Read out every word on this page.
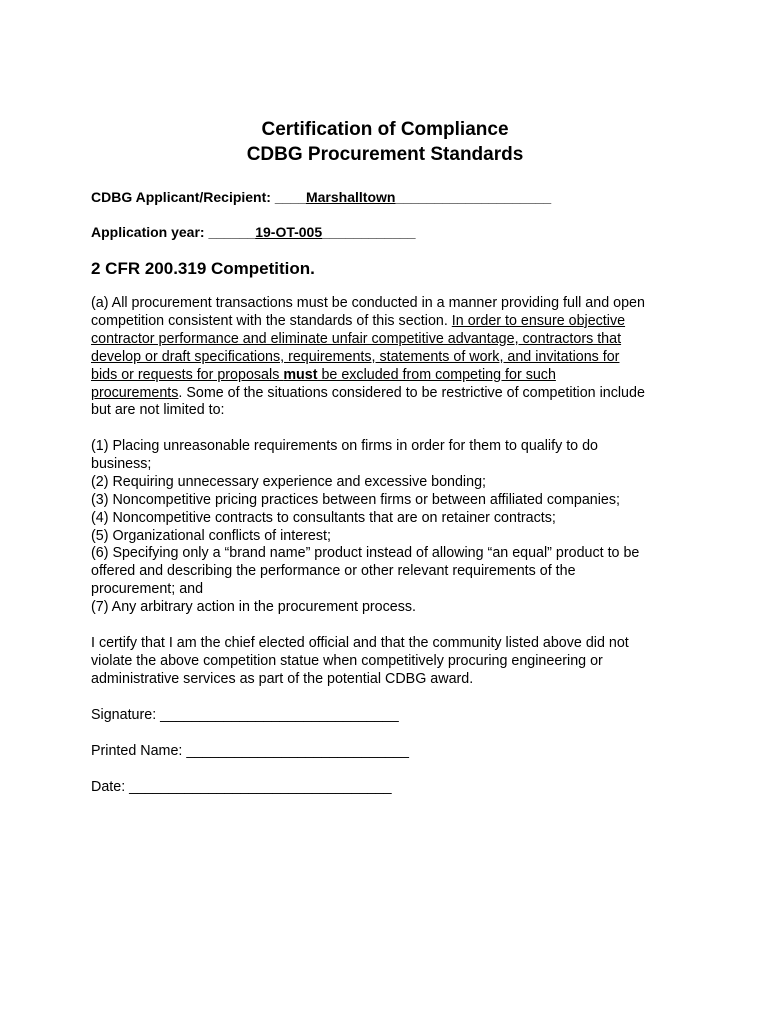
Certification of Compliance
CDBG Procurement Standards
CDBG Applicant/Recipient: ____Marshalltown____________________
Application year: ______19-OT-005____________
2 CFR 200.319 Competition.
(a) All procurement transactions must be conducted in a manner providing full and open
competition consistent with the standards of this section. In order to ensure objective
contractor performance and eliminate unfair competitive advantage, contractors that
develop or draft specifications, requirements, statements of work, and invitations for
bids or requests for proposals must be excluded from competing for such
procurements. Some of the situations considered to be restrictive of competition include
but are not limited to:
(1) Placing unreasonable requirements on firms in order for them to qualify to do
business;
(2) Requiring unnecessary experience and excessive bonding;
(3) Noncompetitive pricing practices between firms or between affiliated companies;
(4) Noncompetitive contracts to consultants that are on retainer contracts;
(5) Organizational conflicts of interest;
(6) Specifying only a “brand name” product instead of allowing “an equal” product to be
offered and describing the performance or other relevant requirements of the
procurement; and
(7) Any arbitrary action in the procurement process.
I certify that I am the chief elected official and that the community listed above did not
violate the above competition statue when competitively procuring engineering or
administrative services as part of the potential CDBG award.
Signature: ______________________________
Printed Name: ____________________________
Date: _________________________________
